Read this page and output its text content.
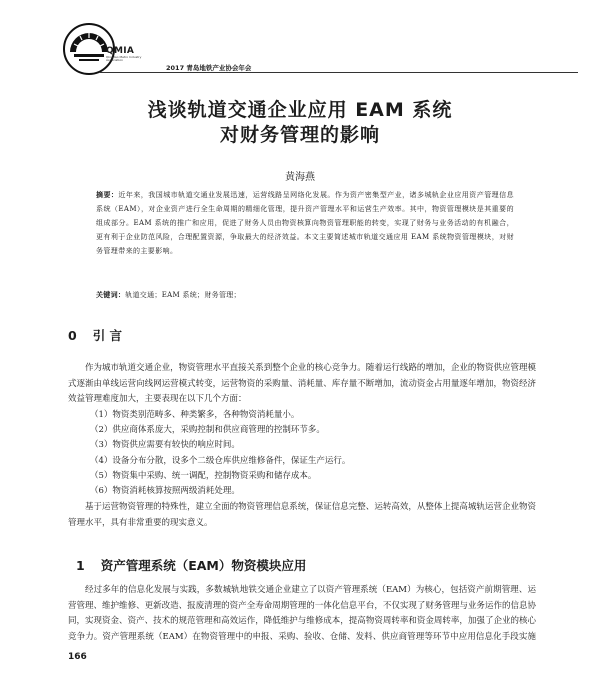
QMIA
Qingdao Metro Industry Association
2017 青岛地铁产业协会年会
浅谈轨道交通企业应用 EAM 系统
对财务管理的影响
黄海燕
摘要：近年来，我国城市轨道交通业发展迅速，运营线路呈网络化发展。作为资产密集型产业，诸多城轨企业应用资产管理信息系统（EAM），对企业资产进行全生命周期的精细化管理，提升资产管理水平和运营生产效率。其中，物资管理模块是其重要的组成部分。EAM 系统的推广和应用，促进了财务人员由物资核算向物资管理职能的转变，实现了财务与业务活动的有机融合，更有利于企业防范风险，合理配置资源，争取最大的经济效益。本文主要简述城市轨道交通应用 EAM 系统物资管理模块，对财务管理带来的主要影响。
关键词：轨道交通；EAM 系统；财务管理；
0 引 言

作为城市轨道交通企业，物资管理水平直接关系到整个企业的核心竞争力。随着运行线路的增加，企业的物资供应管理模式逐渐由单线运营向线网运营模式转变，运营物资的采购量、消耗量、库存量不断增加，流动资金占用量逐年增加，物资经济效益管理难度加大，主要表现在以下几个方面：

（1）物资类别范畴多、种类繁多，各种物资消耗量小。
（2）供应商体系庞大，采购控制和供应商管理的控制环节多。
（3）物资供应需要有较快的响应时间。
（4）设备分布分散，设多个二级仓库供应维修备件，保证生产运行。
（5）物资集中采购、统一调配，控制物资采购和储存成本。
（6）物资消耗核算按照两级消耗处理。

基于运营物资管理的特殊性，建立全面的物资管理信息系统，保证信息完整、运转高效，从整体上提高城轨运营企业物资管理水平，具有非常重要的现实意义。

1 资产管理系统（EAM）物资模块应用

经过多年的信息化发展与实践，多数城轨地铁交通企业建立了以资产管理系统（EAM）为核心，包括资产前期管理、运营管理、维护维修、更新改造、报废清理的资产全寿命周期管理的一体化信息平台，不仅实现了财务管理与业务运作的信息协同，实现资金、资产、技术的规范管理和高效运作，降低维护与维修成本，提高物资周转率和资金周转率，加强了企业的核心竞争力。资产管理系统（EAM）在物资管理中的申报、采购、验收、仓储、发料、供应商管理等环节中应用信息化手段实施

166
